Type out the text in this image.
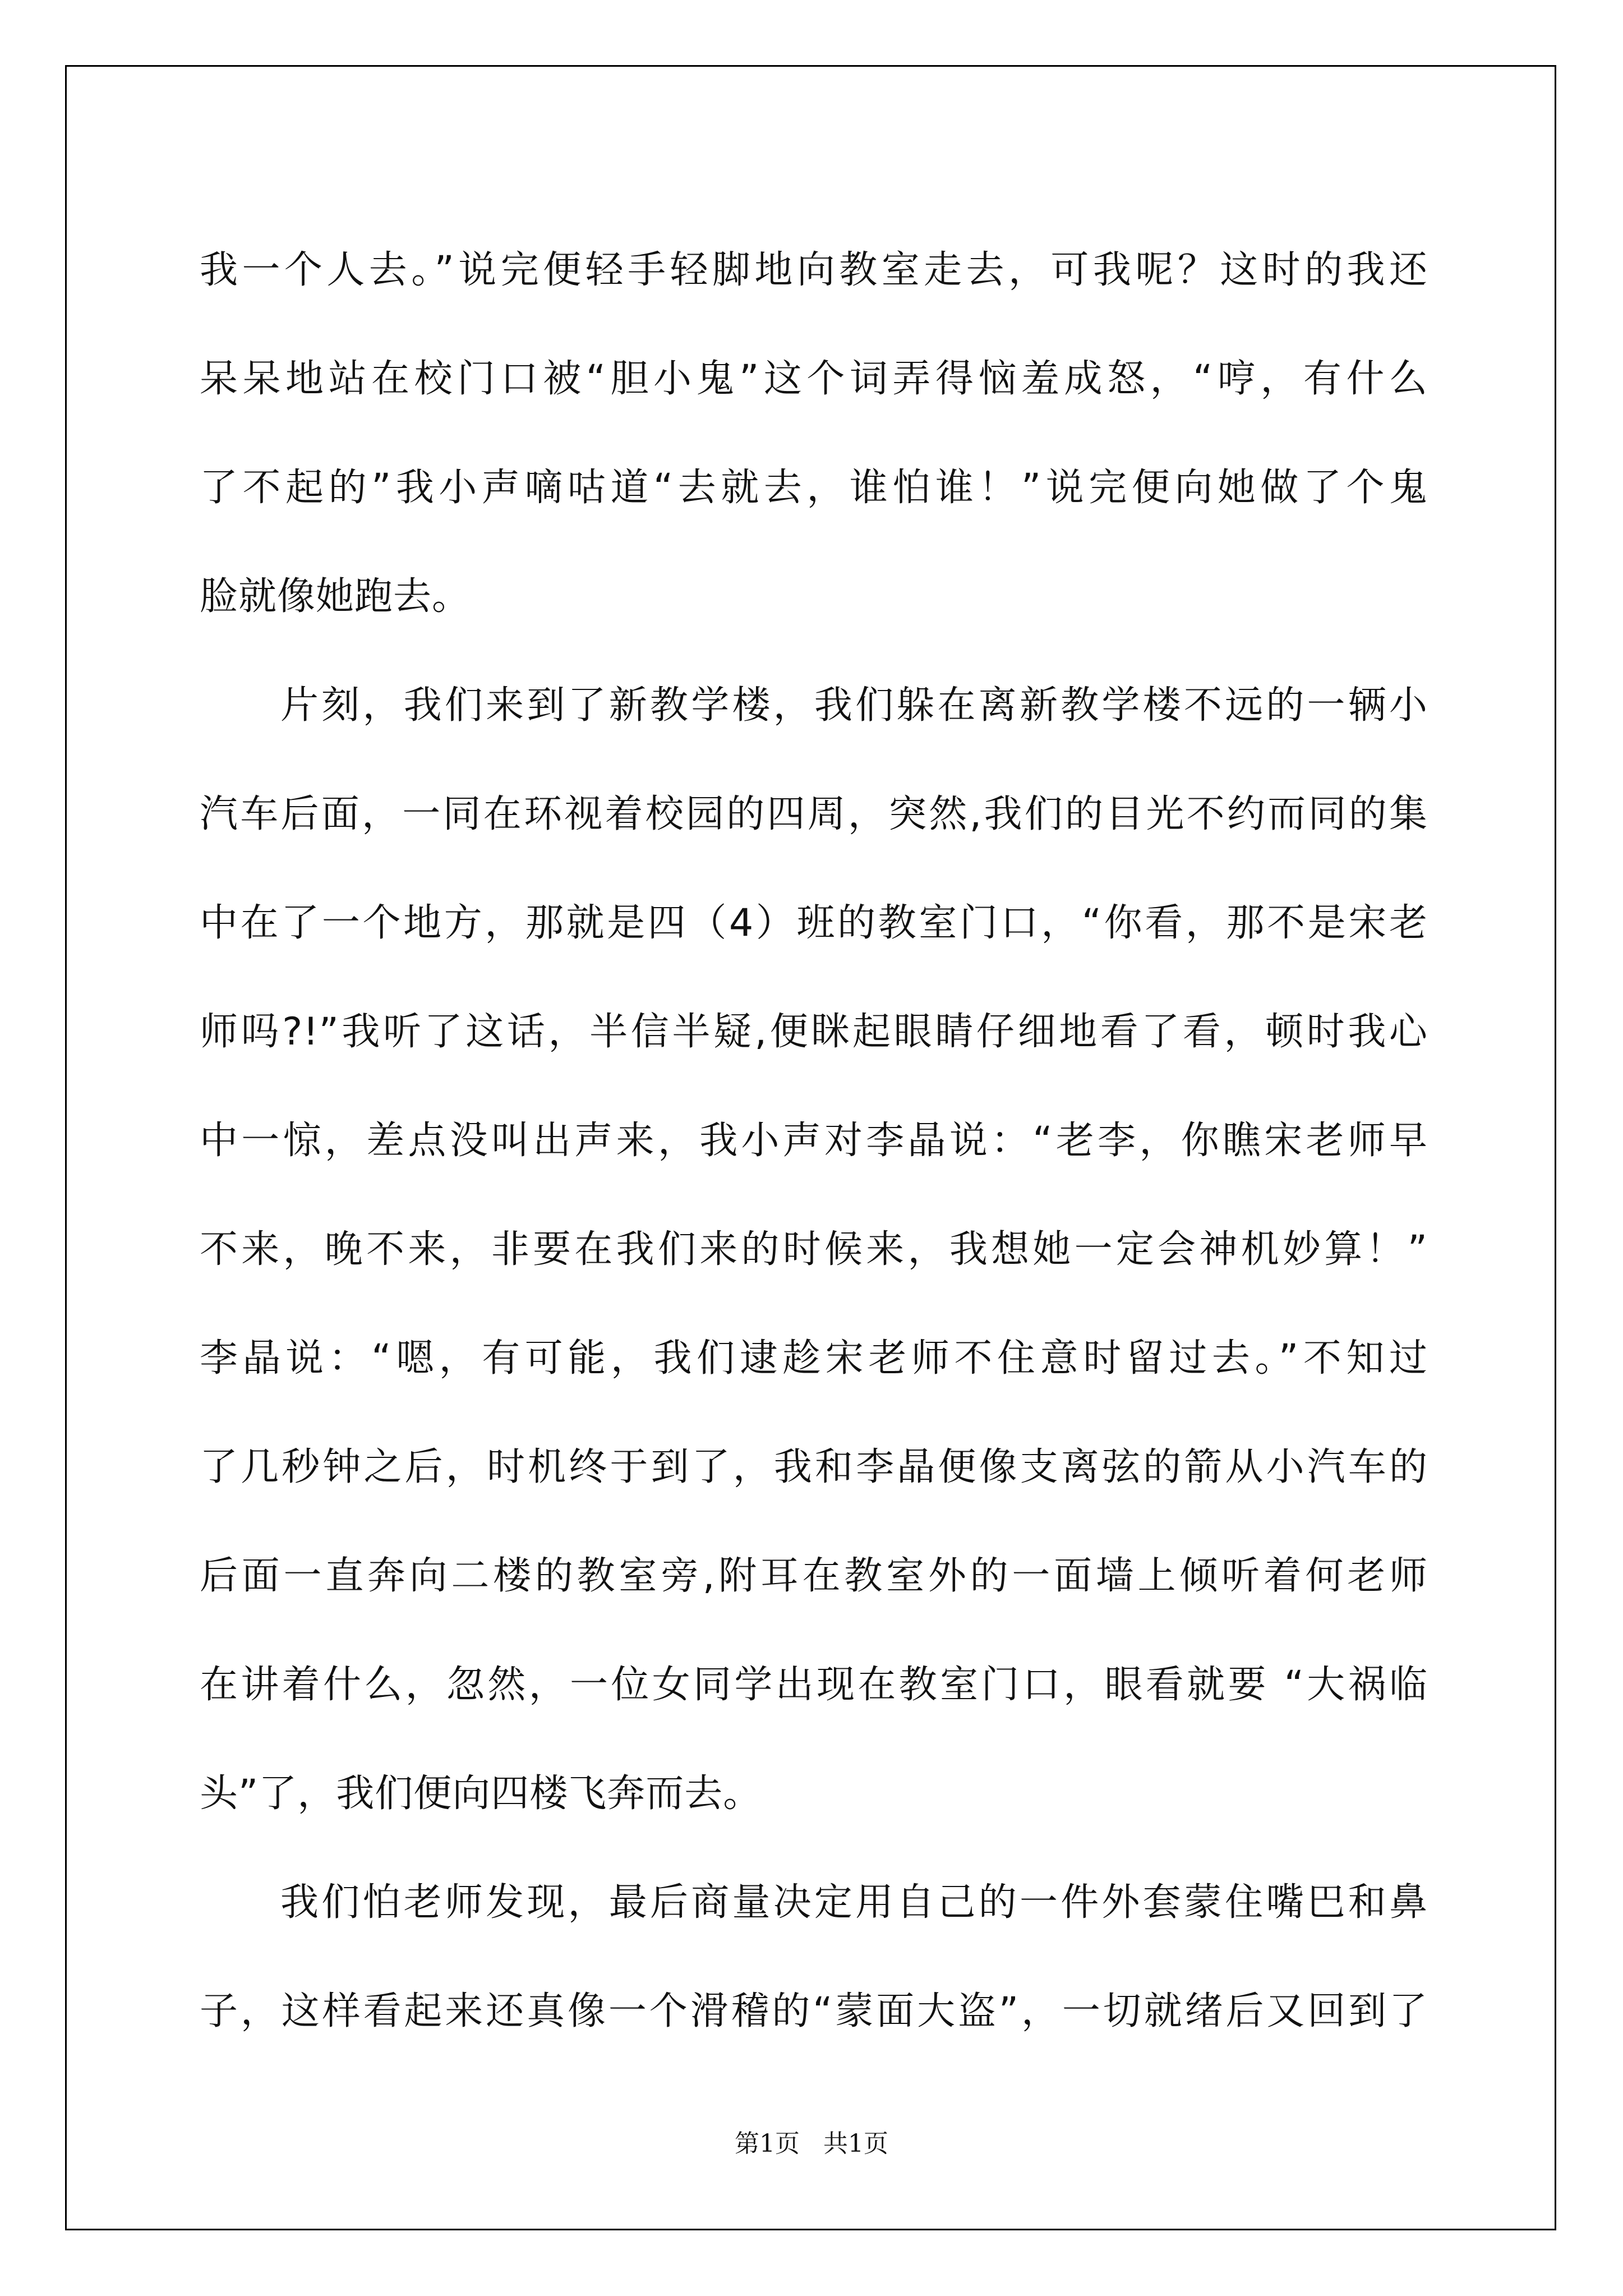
我一个人去。”说完便轻手轻脚地向教室走去，可我呢？这时的我还
呆呆地站在校门口被“胆小鬼”这个词弄得恼羞成怒，“哼，有什么
了不起的”我小声嘀咕道“去就去，谁怕谁！”说完便向她做了个鬼
脸就像她跑去。
片刻，我们来到了新教学楼，我们躲在离新教学楼不远的一辆小
汽车后面，一同在环视着校园的四周，突然,我们的目光不约而同的集
中在了一个地方，那就是四（4）班的教室门口，“你看，那不是宋老
师吗?!”我听了这话，半信半疑,便眯起眼睛仔细地看了看，顿时我心
中一惊，差点没叫出声来，我小声对李晶说：“老李，你瞧宋老师早
不来，晚不来，非要在我们来的时候来，我想她一定会神机妙算！”
李晶说：“嗯，有可能，我们逮趁宋老师不住意时留过去。”不知过
了几秒钟之后，时机终于到了，我和李晶便像支离弦的箭从小汽车的
后面一直奔向二楼的教室旁,附耳在教室外的一面墙上倾听着何老师
在讲着什么，忽然，一位女同学出现在教室门口，眼看就要 “大祸临
头”了，我们便向四楼飞奔而去。
我们怕老师发现，最后商量决定用自己的一件外套蒙住嘴巴和鼻
子，这样看起来还真像一个滑稽的“蒙面大盗”，一切就绪后又回到了
第1页   共1页
